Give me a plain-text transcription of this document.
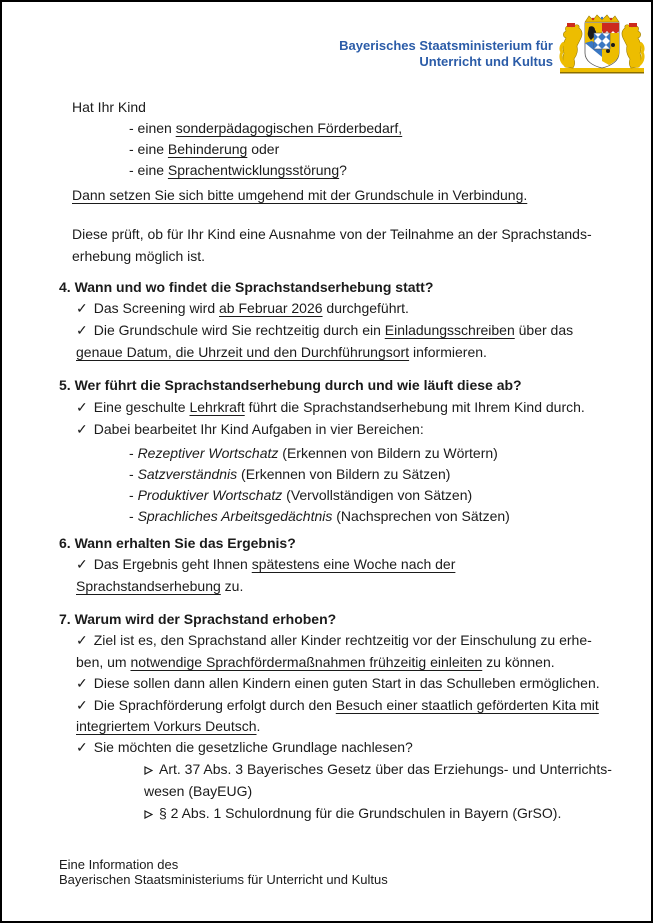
Bayerisches Staatsministerium für
Unterricht und Kultus
Hat Ihr Kind
- einen sonderpädagogischen Förderbedarf,
- eine Behinderung oder
- eine Sprachentwicklungsstörung?
Dann setzen Sie sich bitte umgehend mit der Grundschule in Verbindung.
Diese prüft, ob für Ihr Kind eine Ausnahme von der Teilnahme an der Sprachstands-
erhebung möglich ist.
4. Wann und wo findet die Sprachstandserhebung statt?
✓ Das Screening wird ab Februar 2026 durchgeführt.
✓ Die Grundschule wird Sie rechtzeitig durch ein Einladungsschreiben über das
genaue Datum, die Uhrzeit und den Durchführungsort informieren.
5. Wer führt die Sprachstandserhebung durch und wie läuft diese ab?
✓ Eine geschulte Lehrkraft führt die Sprachstandserhebung mit Ihrem Kind durch.
✓ Dabei bearbeitet Ihr Kind Aufgaben in vier Bereichen:
- Rezeptiver Wortschatz (Erkennen von Bildern zu Wörtern)
- Satzverständnis (Erkennen von Bildern zu Sätzen)
- Produktiver Wortschatz (Vervollständigen von Sätzen)
- Sprachliches Arbeitsgedächtnis (Nachsprechen von Sätzen)
6. Wann erhalten Sie das Ergebnis?
✓ Das Ergebnis geht Ihnen spätestens eine Woche nach der
Sprachstandserhebung zu.
7. Warum wird der Sprachstand erhoben?
✓ Ziel ist es, den Sprachstand aller Kinder rechtzeitig vor der Einschulung zu erhe-
ben, um notwendige Sprachfördermaßnahmen frühzeitig einleiten zu können.
✓ Diese sollen dann allen Kindern einen guten Start in das Schulleben ermöglichen.
✓ Die Sprachförderung erfolgt durch den Besuch einer staatlich geförderten Kita mit
integriertem Vorkurs Deutsch.
✓ Sie möchten die gesetzliche Grundlage nachlesen?
Art. 37 Abs. 3 Bayerisches Gesetz über das Erziehungs- und Unterrichts-
wesen (BayEUG)
§ 2 Abs. 1 Schulordnung für die Grundschulen in Bayern (GrSO).
Eine Information des
Bayerischen Staatsministeriums für Unterricht und Kultus
